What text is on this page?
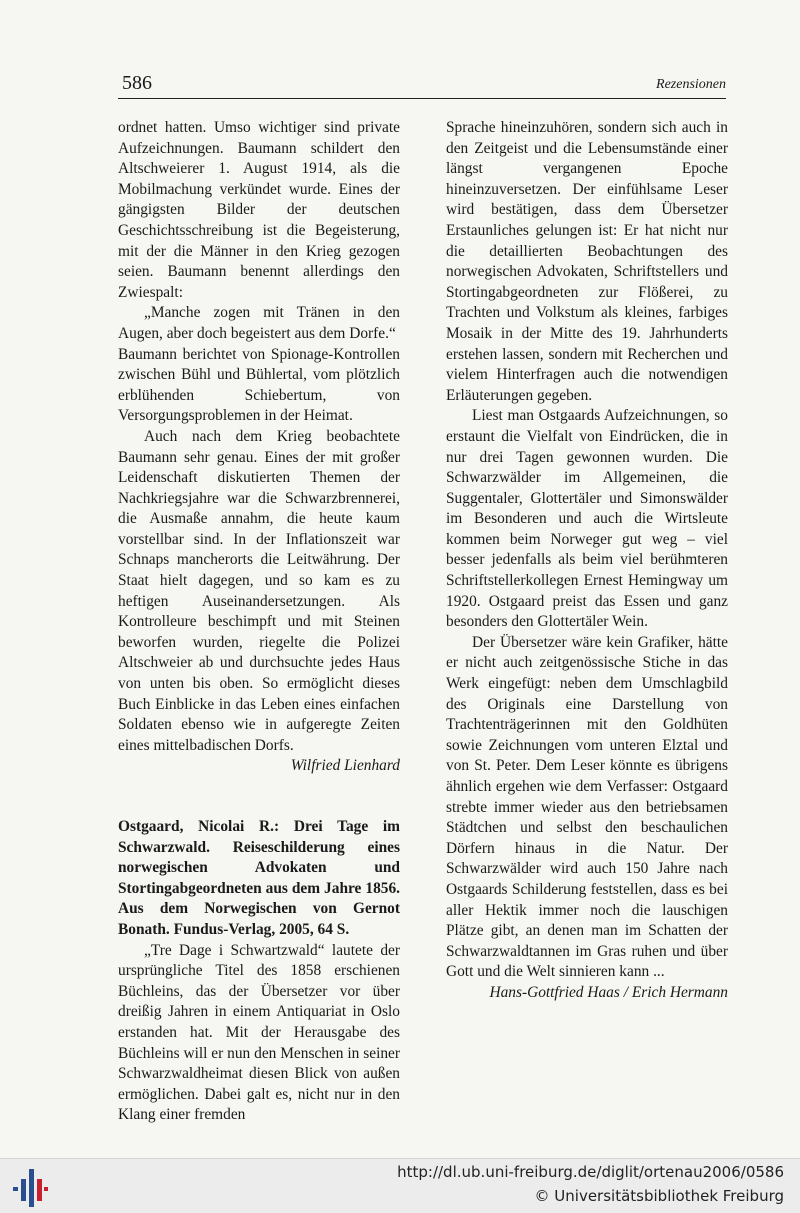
586	Rezensionen

ordnet hatten. Umso wichtiger sind private Aufzeichnungen. Baumann schildert den Altschweierer 1. August 1914, als die Mobilmachung verkündet wurde. Eines der gängigsten Bilder der deutschen Geschichtsschreibung ist die Begeisterung, mit der die Männer in den Krieg gezogen seien. Baumann benennt allerdings den Zwiespalt:

„Manche zogen mit Tränen in den Augen, aber doch begeistert aus dem Dorfe.“

Baumann berichtet von Spionage-Kontrollen zwischen Bühl und Bühlertal, vom plötzlich erblühenden Schiebertum, von Versorgungsproblemen in der Heimat.

Auch nach dem Krieg beobachtete Baumann sehr genau. Eines der mit großer Leidenschaft diskutierten Themen der Nachkriegsjahre war die Schwarzbrennerei, die Ausmaße annahm, die heute kaum vorstellbar sind. In der Inflationszeit war Schnaps mancherorts die Leitwährung. Der Staat hielt dagegen, und so kam es zu heftigen Auseinandersetzungen. Als Kontrolleure beschimpft und mit Steinen beworfen wurden, riegelte die Polizei Altschweier ab und durchsuchte jedes Haus von unten bis oben. So ermöglicht dieses Buch Einblicke in das Leben eines einfachen Soldaten ebenso wie in aufgeregte Zeiten eines mittelbadischen Dorfs.

Wilfried Lienhard

Ostgaard, Nicolai R.: Drei Tage im Schwarzwald. Reiseschilderung eines norwegischen Advokaten und Stortingabgeordneten aus dem Jahre 1856. Aus dem Norwegischen von Gernot Bonath. Fundus-Verlag, 2005, 64 S.

„Tre Dage i Schwartzwald“ lautete der ursprüngliche Titel des 1858 erschienen Büchleins, das der Übersetzer vor über dreißig Jahren in einem Antiquariat in Oslo erstanden hat. Mit der Herausgabe des Büchleins will er nun den Menschen in seiner Schwarzwaldheimat diesen Blick von außen ermöglichen. Dabei galt es, nicht nur in den Klang einer fremden

Sprache hineinzuhören, sondern sich auch in den Zeitgeist und die Lebensumstände einer längst vergangenen Epoche hineinzuversetzen. Der einfühlsame Leser wird bestätigen, dass dem Übersetzer Erstaunliches gelungen ist: Er hat nicht nur die detaillierten Beobachtungen des norwegischen Advokaten, Schriftstellers und Stortingabgeordneten zur Flößerei, zu Trachten und Volkstum als kleines, farbiges Mosaik in der Mitte des 19. Jahrhunderts erstehen lassen, sondern mit Recherchen und vielem Hinterfragen auch die notwendigen Erläuterungen gegeben.

Liest man Ostgaards Aufzeichnungen, so erstaunt die Vielfalt von Eindrücken, die in nur drei Tagen gewonnen wurden. Die Schwarzwälder im Allgemeinen, die Suggentaler, Glottertäler und Simonswälder im Besonderen und auch die Wirtsleute kommen beim Norweger gut weg – viel besser jedenfalls als beim viel berühmteren Schriftstellerkollegen Ernest Hemingway um 1920. Ostgaard preist das Essen und ganz besonders den Glottertäler Wein.

Der Übersetzer wäre kein Grafiker, hätte er nicht auch zeitgenössische Stiche in das Werk eingefügt: neben dem Umschlagbild des Originals eine Darstellung von Trachtenträgerinnen mit den Goldhüten sowie Zeichnungen vom unteren Elztal und von St. Peter. Dem Leser könnte es übrigens ähnlich ergehen wie dem Verfasser: Ostgaard strebte immer wieder aus den betriebsamen Städtchen und selbst den beschaulichen Dörfern hinaus in die Natur. Der Schwarzwälder wird auch 150 Jahre nach Ostgaards Schilderung feststellen, dass es bei aller Hektik immer noch die lauschigen Plätze gibt, an denen man im Schatten der Schwarzwaldtannen im Gras ruhen und über Gott und die Welt sinnieren kann ...

Hans-Gottfried Haas / Erich Hermann

http://dl.ub.uni-freiburg.de/diglit/ortenau2006/0586
© Universitätsbibliothek Freiburg
